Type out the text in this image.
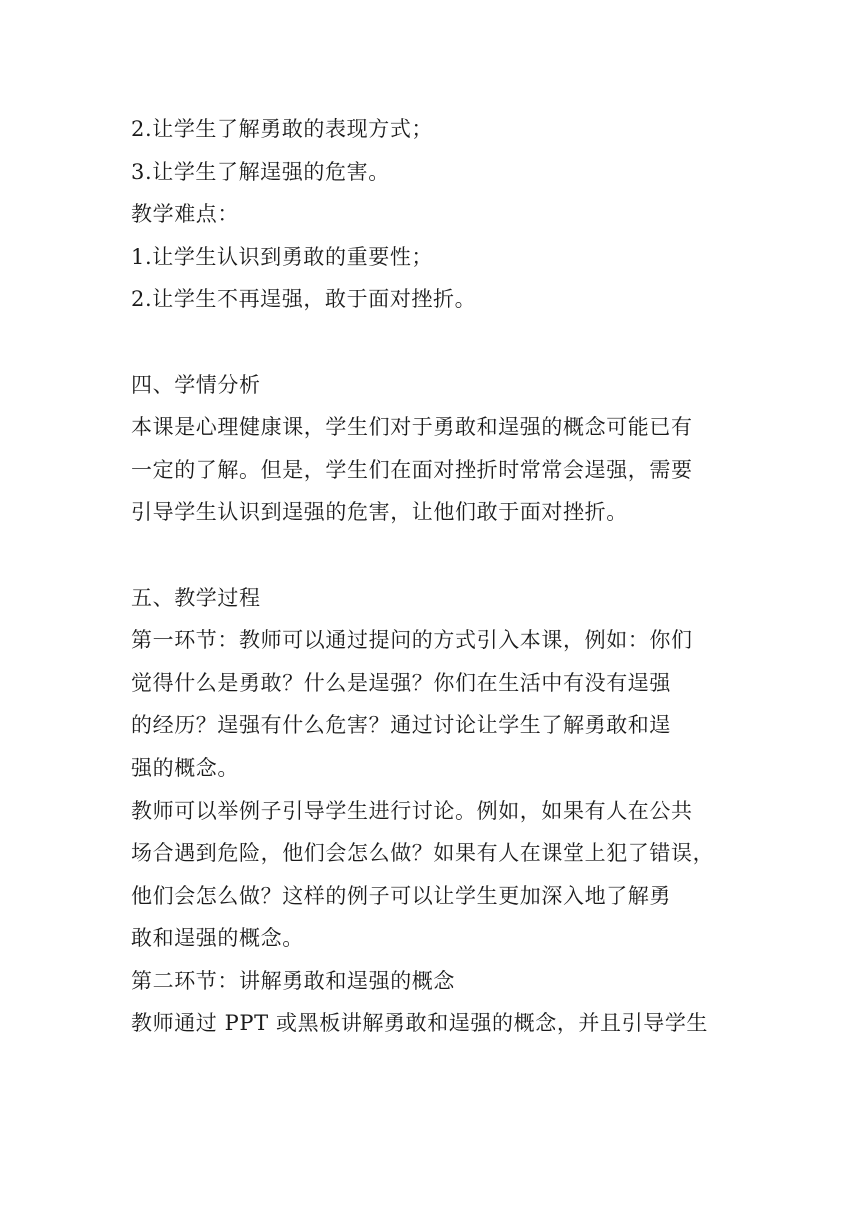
2.让学生了解勇敢的表现方式；
3.让学生了解逞强的危害。
教学难点：
1.让学生认识到勇敢的重要性；
2.让学生不再逞强，敢于面对挫折。
四、学情分析
本课是心理健康课，学生们对于勇敢和逞强的概念可能已有
一定的了解。但是，学生们在面对挫折时常常会逞强，需要
引导学生认识到逞强的危害，让他们敢于面对挫折。
五、教学过程
第一环节：教师可以通过提问的方式引入本课，例如：你们
觉得什么是勇敢？什么是逞强？你们在生活中有没有逞强
的经历？逞强有什么危害？通过讨论让学生了解勇敢和逞
强的概念。
教师可以举例子引导学生进行讨论。例如，如果有人在公共
场合遇到危险，他们会怎么做？如果有人在课堂上犯了错误，
他们会怎么做？这样的例子可以让学生更加深入地了解勇
敢和逞强的概念。
第二环节：讲解勇敢和逞强的概念
教师通过 PPT 或黑板讲解勇敢和逞强的概念，并且引导学生
